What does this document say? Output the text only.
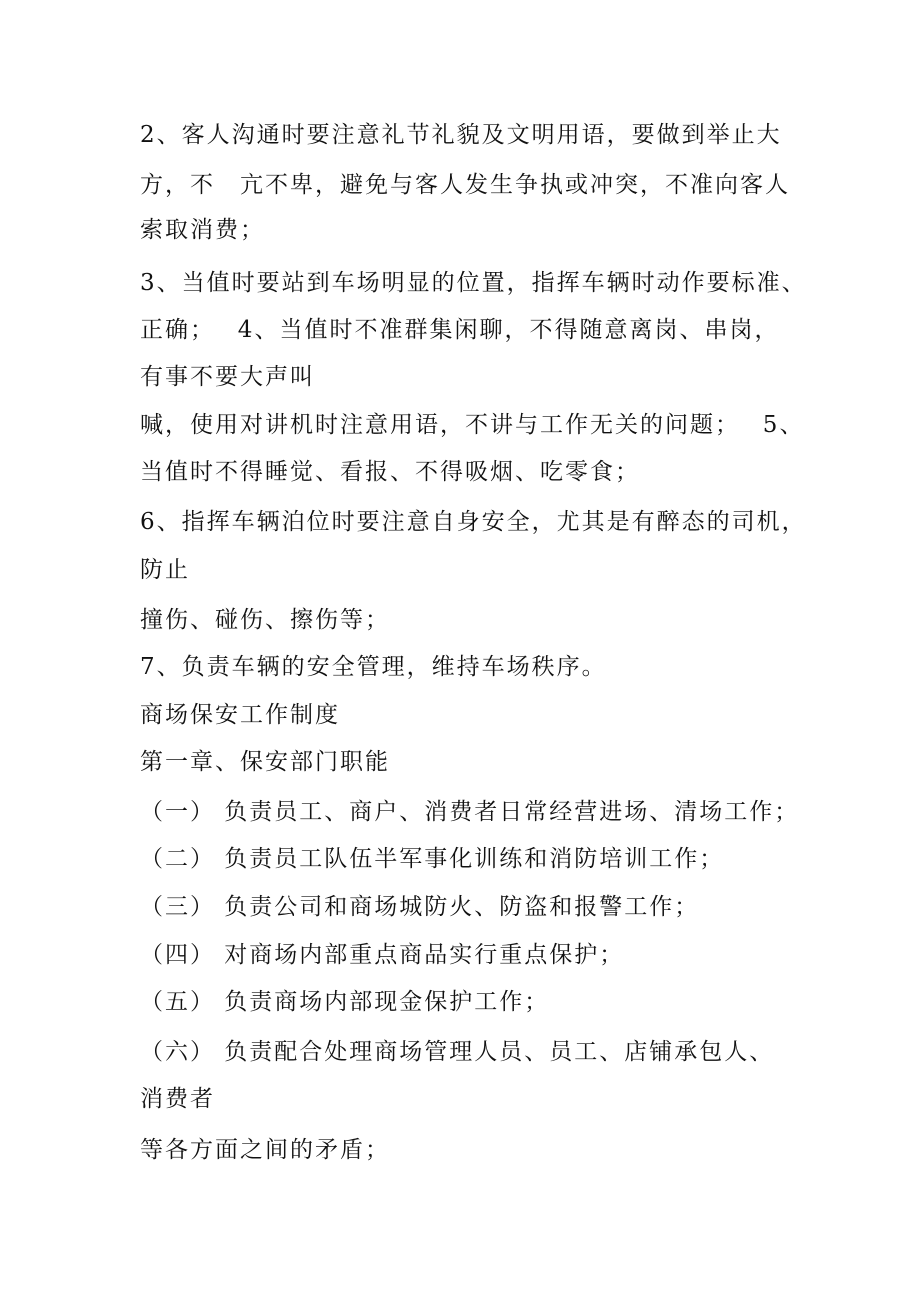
2、客人沟通时要注意礼节礼貌及文明用语，要做到举止大
方，不　亢不卑，避免与客人发生争执或冲突，不准向客人
索取消费；
3、当值时要站到车场明显的位置，指挥车辆时动作要标准、
正确；　 4、当值时不准群集闲聊，不得随意离岗、串岗，
有事不要大声叫
喊，使用对讲机时注意用语，不讲与工作无关的问题；　 5、
当值时不得睡觉、看报、不得吸烟、吃零食；
6、指挥车辆泊位时要注意自身安全，尤其是有醉态的司机，
防止
撞伤、碰伤、擦伤等；
7、负责车辆的安全管理，维持车场秩序。
商场保安工作制度
第一章、保安部门职能
（一） 负责员工、商户、消费者日常经营进场、清场工作；
（二） 负责员工队伍半军事化训练和消防培训工作；
（三） 负责公司和商场城防火、防盗和报警工作；
（四） 对商场内部重点商品实行重点保护；
（五） 负责商场内部现金保护工作；
（六） 负责配合处理商场管理人员、员工、店铺承包人、
消费者
等各方面之间的矛盾；
